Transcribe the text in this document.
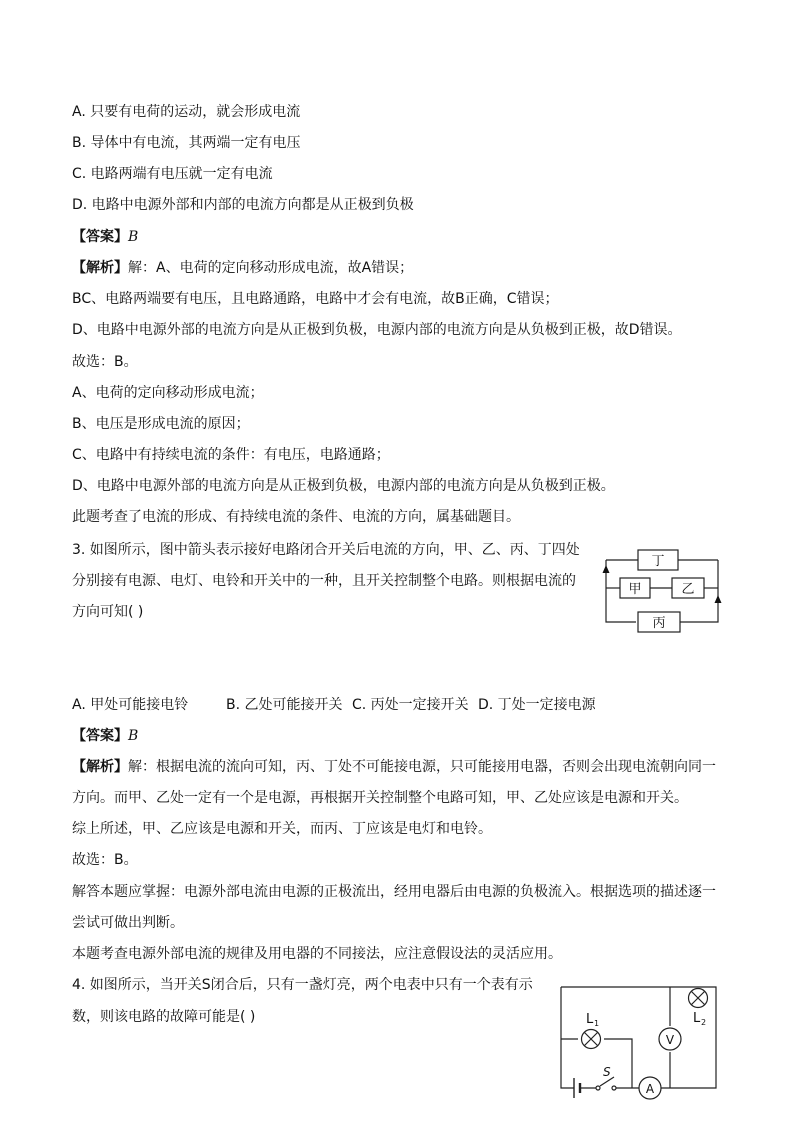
A. 只要有电荷的运动，就会形成电流
B. 导体中有电流，其两端一定有电压
C. 电路两端有电压就一定有电流
D. 电路中电源外部和内部的电流方向都是从正极到负极
【答案】B
【解析】解：A、电荷的定向移动形成电流，故A错误；
BC、电路两端要有电压，且电路通路，电路中才会有电流，故B正确，C错误；
D、电路中电源外部的电流方向是从正极到负极，电源内部的电流方向是从负极到正极，故D错误。
故选：B。
A、电荷的定向移动形成电流；
B、电压是形成电流的原因；
C、电路中有持续电流的条件：有电压，电路通路；
D、电路中电源外部的电流方向是从正极到负极，电源内部的电流方向是从负极到正极。
此题考查了电流的形成、有持续电流的条件、电流的方向，属基础题目。
3. 如图所示，图中箭头表示接好电路闭合开关后电流的方向，甲、乙、丙、丁四处
分别接有电源、电灯、电铃和开关中的一种，且开关控制整个电路。则根据电流的
方向可知( )
丁
甲	乙
丙
A. 甲处可能接电铃	B. 乙处可能接开关 C. 丙处一定接开关 D. 丁处一定接电源
【答案】B
【解析】解：根据电流的流向可知，丙、丁处不可能接电源，只可能接用电器，否则会出现电流朝向同一
方向。而甲、乙处一定有一个是电源，再根据开关控制整个电路可知，甲、乙处应该是电源和开关。
综上所述，甲、乙应该是电源和开关，而丙、丁应该是电灯和电铃。
故选：B。
解答本题应掌握：电源外部电流由电源的正极流出，经用电器后由电源的负极流入。根据选项的描述逐一
尝试可做出判断。
本题考查电源外部电流的规律及用电器的不同接法，应注意假设法的灵活应用。
4. 如图所示，当开关S闭合后，只有一盏灯亮，两个电表中只有一个表有示
数，则该电路的故障可能是( )	L 1	L 2
V
A
S
